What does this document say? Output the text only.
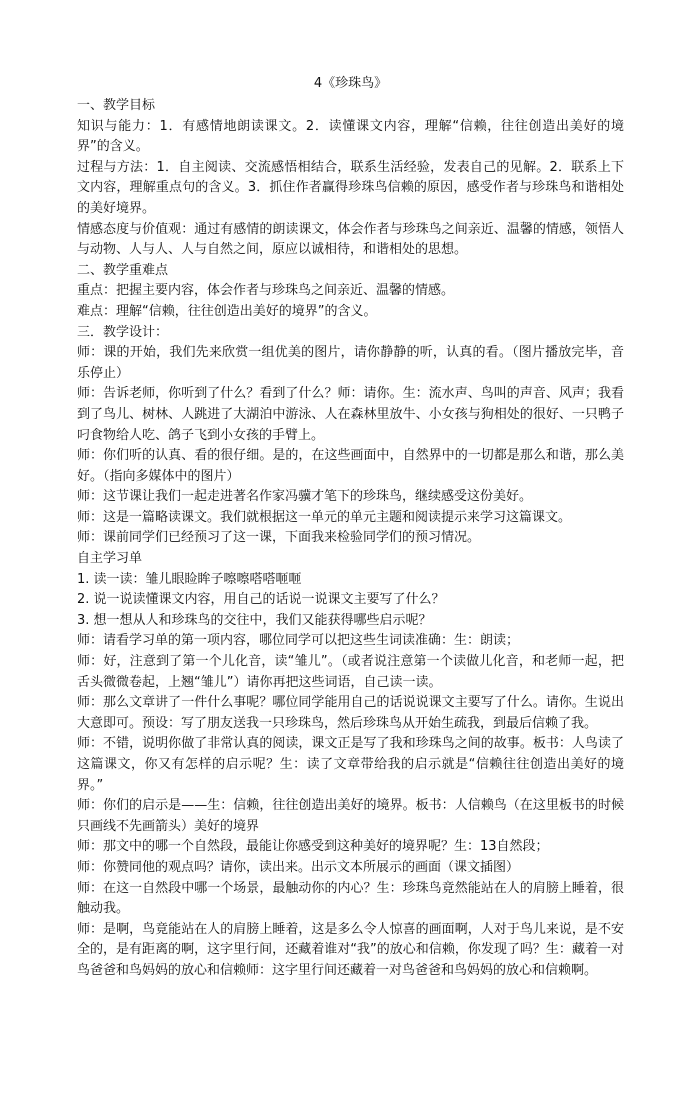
4《珍珠鸟》
一、教学目标
知识与能力：1．有感情地朗读课文。2．读懂课文内容，理解“信赖，往往创造出美好的境界”的含义。
过程与方法：1．自主阅读、交流感悟相结合，联系生活经验，发表自己的见解。2．联系上下文内容，理解重点句的含义。3．抓住作者赢得珍珠鸟信赖的原因，感受作者与珍珠鸟和谐相处的美好境界。
情感态度与价值观：通过有感情的朗读课文，体会作者与珍珠鸟之间亲近、温馨的情感，领悟人与动物、人与人、人与自然之间，原应以诚相待，和谐相处的思想。
二、教学重难点
重点：把握主要内容，体会作者与珍珠鸟之间亲近、温馨的情感。
难点：理解“信赖，往往创造出美好的境界”的含义。
三．教学设计：
师：课的开始，我们先来欣赏一组优美的图片，请你静静的听，认真的看。（图片播放完毕，音乐停止）
师：告诉老师，你听到了什么？看到了什么？师：请你。生：流水声、鸟叫的声音、风声；我看到了鸟儿、树林、人跳进了大湖泊中游泳、人在森林里放牛、小女孩与狗相处的很好、一只鸭子叼食物给人吃、鸽子飞到小女孩的手臂上。
师：你们听的认真、看的很仔细。是的，在这些画面中，自然界中的一切都是那么和谐，那么美好。（指向多媒体中的图片）
师：这节课让我们一起走进著名作家冯骥才笔下的珍珠鸟，继续感受这份美好。
师：这是一篇略读课文。我们就根据这一单元的单元主题和阅读提示来学习这篇课文。
师：课前同学们已经预习了这一课，下面我来检验同学们的预习情况。
自主学习单
1. 读一读：雏儿眼睑眸子嚓嚓嗒嗒咂咂
2. 说一说读懂课文内容，用自己的话说一说课文主要写了什么？
3. 想一想从人和珍珠鸟的交往中，我们又能获得哪些启示呢？
师：请看学习单的第一项内容，哪位同学可以把这些生词读准确：生：朗读；
师：好，注意到了第一个儿化音，读“雏儿”。（或者说注意第一个读做儿化音，和老师一起，把舌头微微卷起，上翘“雏儿”）请你再把这些词语，自己读一读。
师：那么文章讲了一件什么事呢？哪位同学能用自己的话说说课文主要写了什么。请你。生说出大意即可。预设：写了朋友送我一只珍珠鸟，然后珍珠鸟从开始生疏我，到最后信赖了我。
师：不错，说明你做了非常认真的阅读，课文正是写了我和珍珠鸟之间的故事。板书：人鸟读了这篇课文，你又有怎样的启示呢？生：读了文章带给我的启示就是“信赖往往创造出美好的境界。”
师：你们的启示是——生：信赖，往往创造出美好的境界。板书：人信赖鸟（在这里板书的时候只画线不先画箭头）美好的境界
师：那文中的哪一个自然段，最能让你感受到这种美好的境界呢？生：13自然段；
师：你赞同他的观点吗？请你，读出来。出示文本所展示的画面（课文插图）
师：在这一自然段中哪一个场景，最触动你的内心？生：珍珠鸟竟然能站在人的肩膀上睡着，很触动我。
师：是啊，鸟竟能站在人的肩膀上睡着，这是多么令人惊喜的画面啊，人对于鸟儿来说，是不安全的，是有距离的啊，这字里行间，还藏着谁对“我”的放心和信赖，你发现了吗？生：藏着一对鸟爸爸和鸟妈妈的放心和信赖师：这字里行间还藏着一对鸟爸爸和鸟妈妈的放心和信赖啊。
